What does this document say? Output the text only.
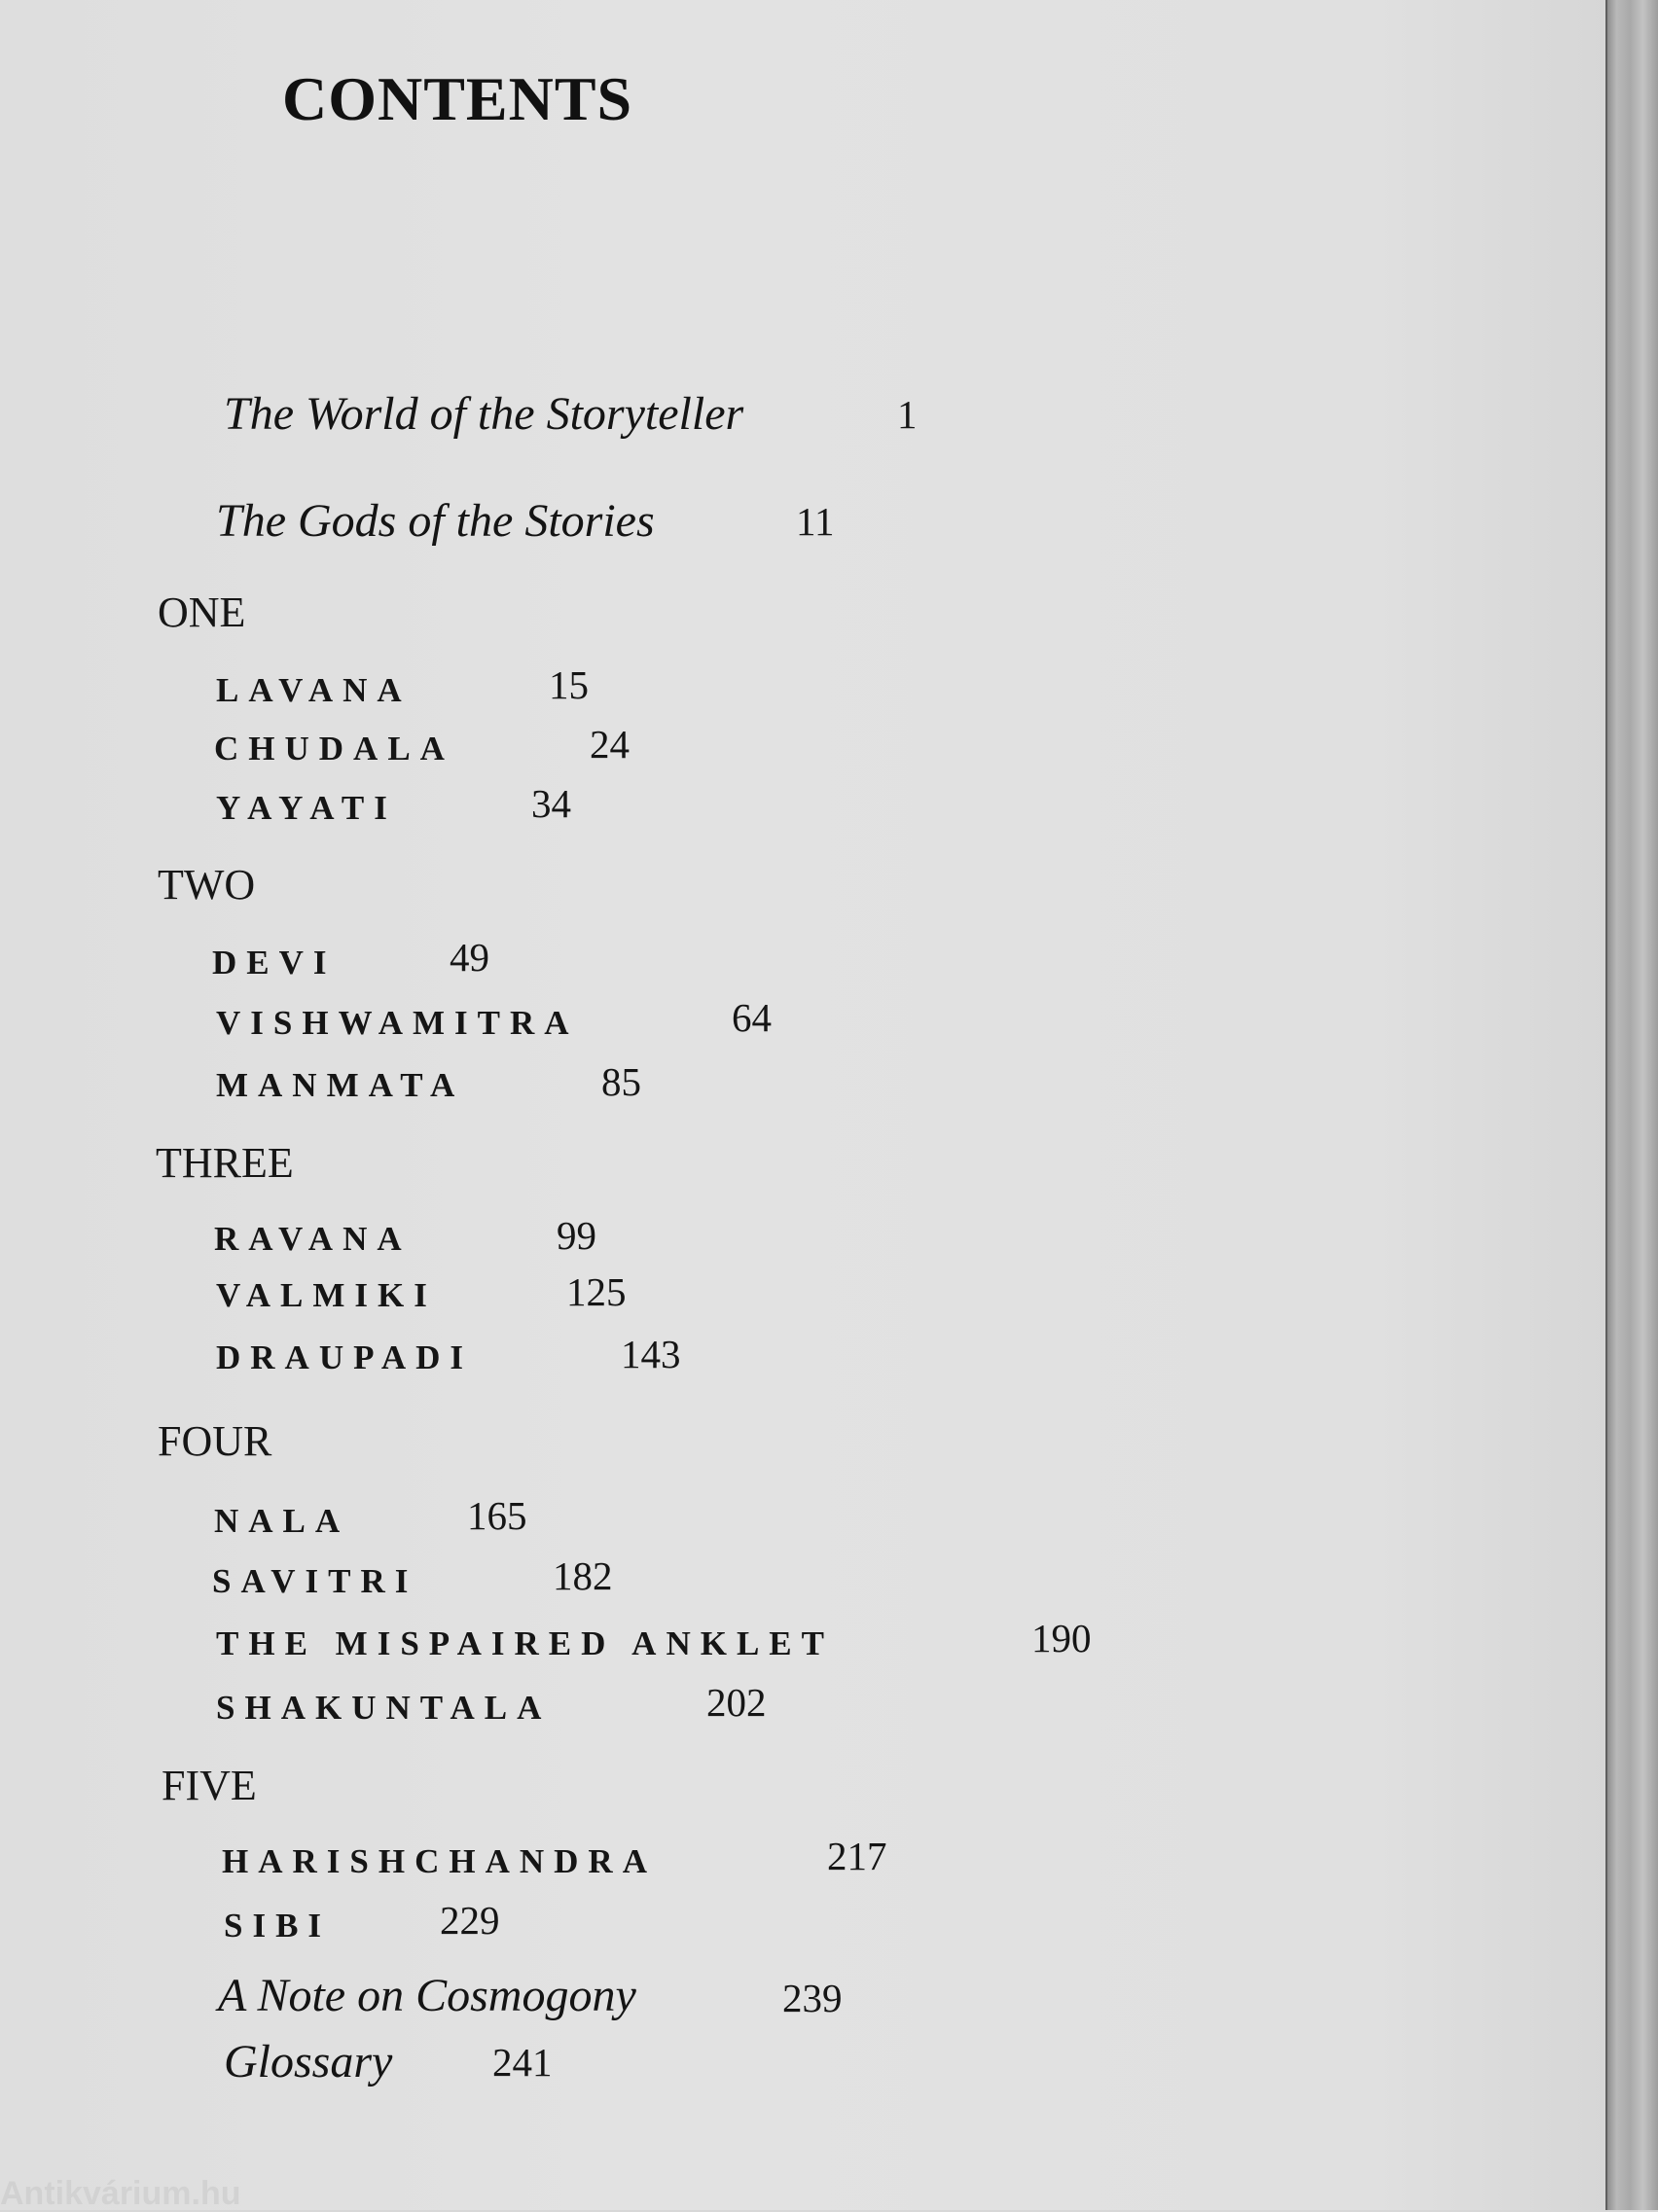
CONTENTS
The World of the Storyteller	1
The Gods of the Stories	11
ONE
LAVANA	15
CHUDALA	24
YAYATI	34
TWO
DEVI	49
VISHWAMITRA	64
MANMATA	85
THREE
RAVANA	99
VALMIKI	125
DRAUPADI	143
FOUR
NALA	165
SAVITRI	182
THE MISPAIRED ANKLET	190
SHAKUNTALA	202
FIVE
HARISHCHANDRA	217
SIBI	229
A Note on Cosmogony	239
Glossary	241
Antikvárium.hu
